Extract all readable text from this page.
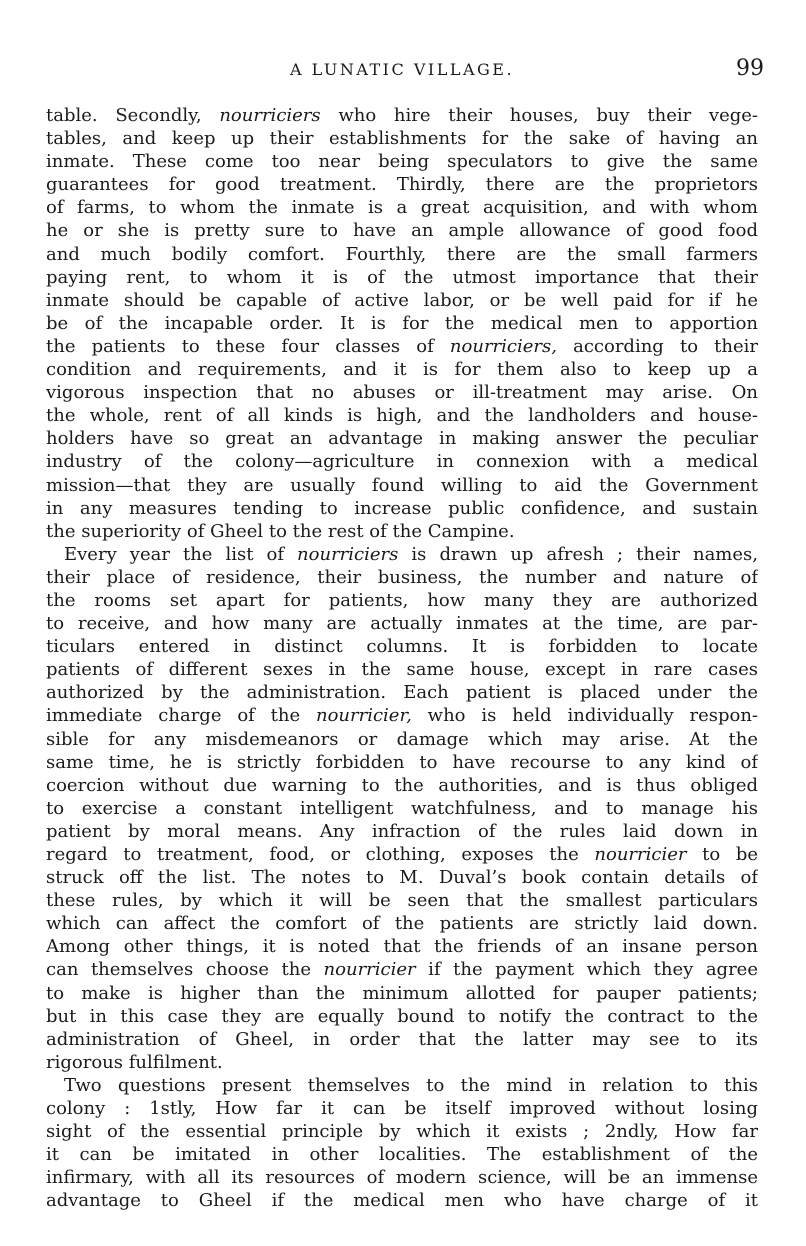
A LUNATIC VILLAGE.	99
table. Secondly, nourriciers who hire their houses, buy their vege-
tables, and keep up their establishments for the sake of having an
inmate. These come too near being speculators to give the same
guarantees for good treatment. Thirdly, there are the proprietors
of farms, to whom the inmate is a great acquisition, and with whom
he or she is pretty sure to have an ample allowance of good food
and much bodily comfort. Fourthly, there are the small farmers
paying rent, to whom it is of the utmost importance that their
inmate should be capable of active labor, or be well paid for if he
be of the incapable order. It is for the medical men to apportion
the patients to these four classes of nourriciers, according to their
condition and requirements, and it is for them also to keep up a
vigorous inspection that no abuses or ill-treatment may arise. On
the whole, rent of all kinds is high, and the landholders and house-
holders have so great an advantage in making answer the peculiar
industry of the colony—agriculture in connexion with a medical
mission—that they are usually found willing to aid the Government
in any measures tending to increase public confidence, and sustain
the superiority of Gheel to the rest of the Campine.
Every year the list of nourriciers is drawn up afresh ; their names,
their place of residence, their business, the number and nature of
the rooms set apart for patients, how many they are authorized
to receive, and how many are actually inmates at the time, are par-
ticulars entered in distinct columns. It is forbidden to locate
patients of different sexes in the same house, except in rare cases
authorized by the administration. Each patient is placed under the
immediate charge of the nourricier, who is held individually respon-
sible for any misdemeanors or damage which may arise. At the
same time, he is strictly forbidden to have recourse to any kind of
coercion without due warning to the authorities, and is thus obliged
to exercise a constant intelligent watchfulness, and to manage his
patient by moral means. Any infraction of the rules laid down in
regard to treatment, food, or clothing, exposes the nourricier to be
struck off the list. The notes to M. Duval’s book contain details of
these rules, by which it will be seen that the smallest particulars
which can affect the comfort of the patients are strictly laid down.
Among other things, it is noted that the friends of an insane person
can themselves choose the nourricier if the payment which they agree
to make is higher than the minimum allotted for pauper patients;
but in this case they are equally bound to notify the contract to the
administration of Gheel, in order that the latter may see to its
rigorous fulfilment.
Two questions present themselves to the mind in relation to this
colony : 1stly, How far it can be itself improved without losing
sight of the essential principle by which it exists ; 2ndly, How far
it can be imitated in other localities. The establishment of the
infirmary, with all its resources of modern science, will be an immense
advantage to Gheel if the medical men who have charge of it
